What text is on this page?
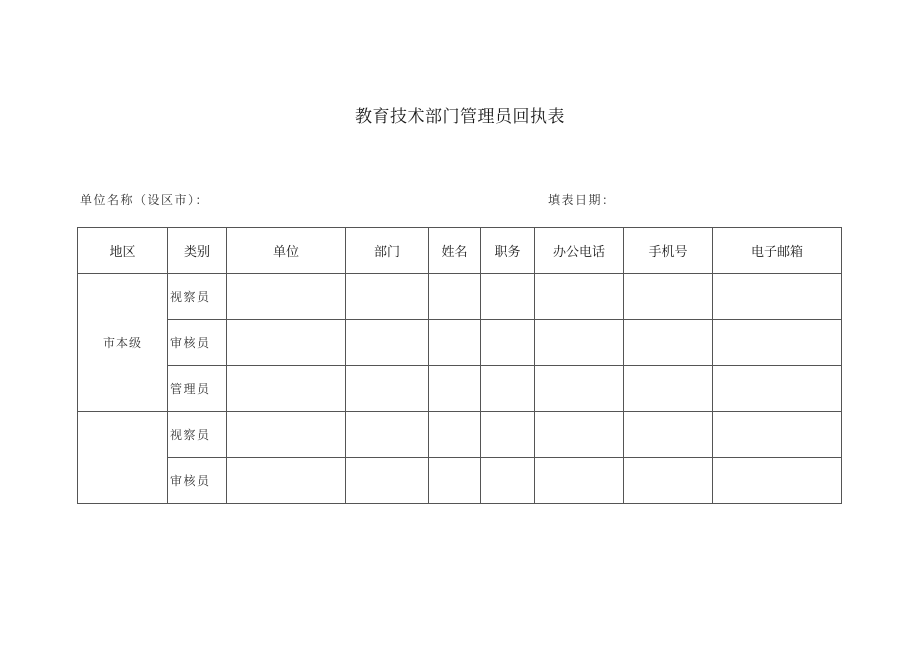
教育技术部门管理员回执表
单位名称（设区市）：	填表日期：
地区	类别	单位	部门	姓名	职务	办公电话	手机号	电子邮箱
市本级	视察员							
	审核员							
	管理员							
	视察员							
	审核员							
